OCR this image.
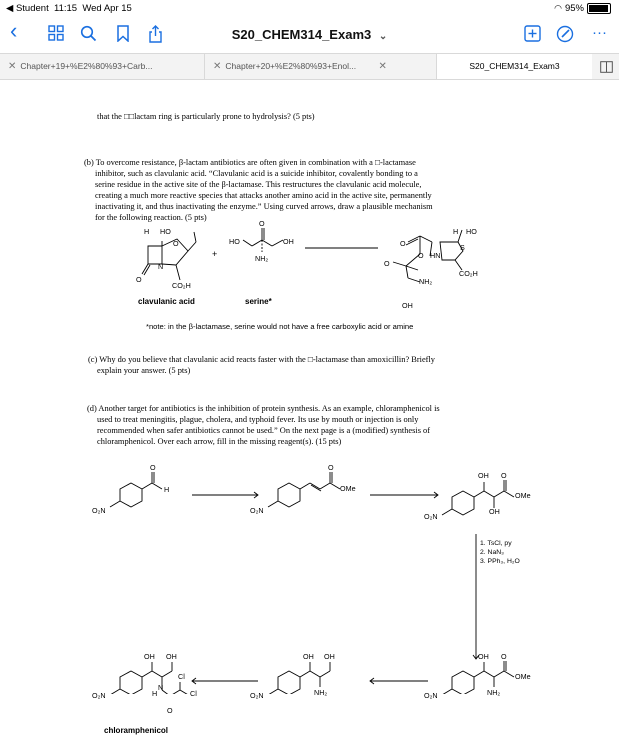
◀ Student 11:15 Wed Apr 15	◠ 95%
‹	···
S20_CHEM314_Exam3 ⌄
✕ Chapter+19+%E2%80%93+Carb...	✕ Chapter+20+%E2%80%93+Enol... ✕	S20_CHEM314_Exam3
that the □□lactam ring is particularly prone to hydrolysis? (5 pts)
(b) To overcome resistance, β-lactam antibiotics are often given in combination with a □-lactamase
inhibitor, such as clavulanic acid. “Clavulanic acid is a suicide inhibitor, covalently bonding to a
serine residue in the active site of the β-lactamase. This restructures the clavulanic acid molecule,
creating a much more reactive species that attacks another amino acid in the active site, permanently
inactivating it, and thus inactivating the enzyme.” Using curved arrows, draw a plausible mechanism
for the following reaction. (5 pts)
H HO
O
N
O
CO₂H
+
HO
O
OH
NH₂
O
H HO
S
O HN
CO₂H
O
NH₂
OH
clavulanic acid	serine*
*note: in the β-lactamase, serine would not have a free carboxylic acid or amine
(c) Why do you believe that clavulanic acid reacts faster with the □-lactamase than amoxicillin? Briefly
explain your answer. (5 pts)
(d) Another target for antibiotics is the inhibition of protein synthesis. As an example, chloramphenicol is
used to treat meningitis, plague, cholera, and typhoid fever. Its use by mouth or injection is only
recommended when safer antibiotics cannot be used.” On the next page is a (modified) synthesis of
chloramphenicol. Over each arrow, fill in the missing reagent(s). (15 pts)
O₂N
H
O
O₂N
O
OMe
O₂N
OH O
OMe
OH
1. TsCl, py
2. NaN₃
3. PPh₃, H₂O
O₂N
OH O
OMe
NH₂
O₂N
OH OH
NH₂
O₂N
OH OH
H
N
Cl
Cl
O
chloramphenicol
